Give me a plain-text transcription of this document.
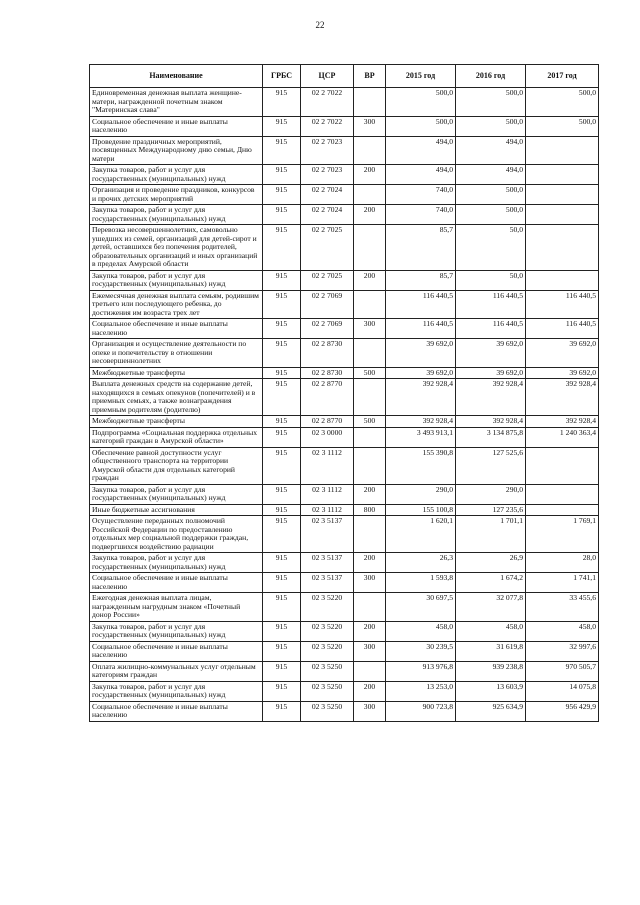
22
Наименование	ГРБС	ЦСР	ВР	2015 год	2016 год	2017 год
Единовременная денежная выплата женщине-матери, награжденной почетным знаком "Материнская слава"	915	02 2 7022		500,0	500,0	500,0
Социальное обеспечение и иные выплаты населению	915	02 2 7022	300	500,0	500,0	500,0
Проведение праздничных мероприятий, посвященных Международному дню семьи, Дню матери	915	02 2 7023		494,0	494,0	
Закупка товаров, работ и услуг для государственных (муниципальных) нужд	915	02 2 7023	200	494,0	494,0	
Организация и проведение праздников, конкурсов и прочих детских мероприятий	915	02 2 7024		740,0	500,0	
Закупка товаров, работ и услуг для государственных (муниципальных) нужд	915	02 2 7024	200	740,0	500,0	
Перевозка несовершеннолетних, самовольно ушедших из семей, организаций для детей-сирот и детей, оставшихся без попечения родителей, образовательных организаций и иных организаций в пределах Амурской области	915	02 2 7025		85,7	50,0	
Закупка товаров, работ и услуг для государственных (муниципальных) нужд	915	02 2 7025	200	85,7	50,0	
Ежемесячная денежная выплата семьям, родившим третьего или последующего ребенка, до достижения им возраста трех лет	915	02 2 7069		116 440,5	116 440,5	116 440,5
Социальное обеспечение и иные выплаты населению	915	02 2 7069	300	116 440,5	116 440,5	116 440,5
Организация и осуществление деятельности по опеке и попечительству в отношении несовершеннолетних	915	02 2 8730		39 692,0	39 692,0	39 692,0
Межбюджетные трансферты	915	02 2 8730	500	39 692,0	39 692,0	39 692,0
Выплата денежных средств на содержание детей, находящихся в семьях опекунов (попечителей) и в приемных семьях, а также вознаграждения приемным родителям (родителю)	915	02 2 8770		392 928,4	392 928,4	392 928,4
Межбюджетные трансферты	915	02 2 8770	500	392 928,4	392 928,4	392 928,4
Подпрограмма «Социальная поддержка отдельных категорий граждан в Амурской области»	915	02 3 0000		3 493 913,1	3 134 875,8	1 240 363,4
Обеспечение равной доступности услуг общественного транспорта на территории Амурской области для отдельных категорий граждан	915	02 3 1112		155 390,8	127 525,6	
Закупка товаров, работ и услуг для государственных (муниципальных) нужд	915	02 3 1112	200	290,0	290,0	
Иные бюджетные ассигнования	915	02 3 1112	800	155 100,8	127 235,6	
Осуществление переданных полномочий Российской Федерации по предоставлению отдельных мер социальной поддержки граждан, подвергшихся воздействию радиации	915	02 3 5137		1 620,1	1 701,1	1 769,1
Закупка товаров, работ и услуг для государственных (муниципальных) нужд	915	02 3 5137	200	26,3	26,9	28,0
Социальное обеспечение и иные выплаты населению	915	02 3 5137	300	1 593,8	1 674,2	1 741,1
Ежегодная денежная выплата лицам, награжденным нагрудным знаком «Почетный донор России»	915	02 3 5220		30 697,5	32 077,8	33 455,6
Закупка товаров, работ и услуг для государственных (муниципальных) нужд	915	02 3 5220	200	458,0	458,0	458,0
Социальное обеспечение и иные выплаты населению	915	02 3 5220	300	30 239,5	31 619,8	32 997,6
Оплата жилищно-коммунальных услуг отдельным категориям граждан	915	02 3 5250		913 976,8	939 238,8	970 505,7
Закупка товаров, работ и услуг для государственных (муниципальных) нужд	915	02 3 5250	200	13 253,0	13 603,9	14 075,8
Социальное обеспечение и иные выплаты населению	915	02 3 5250	300	900 723,8	925 634,9	956 429,9
